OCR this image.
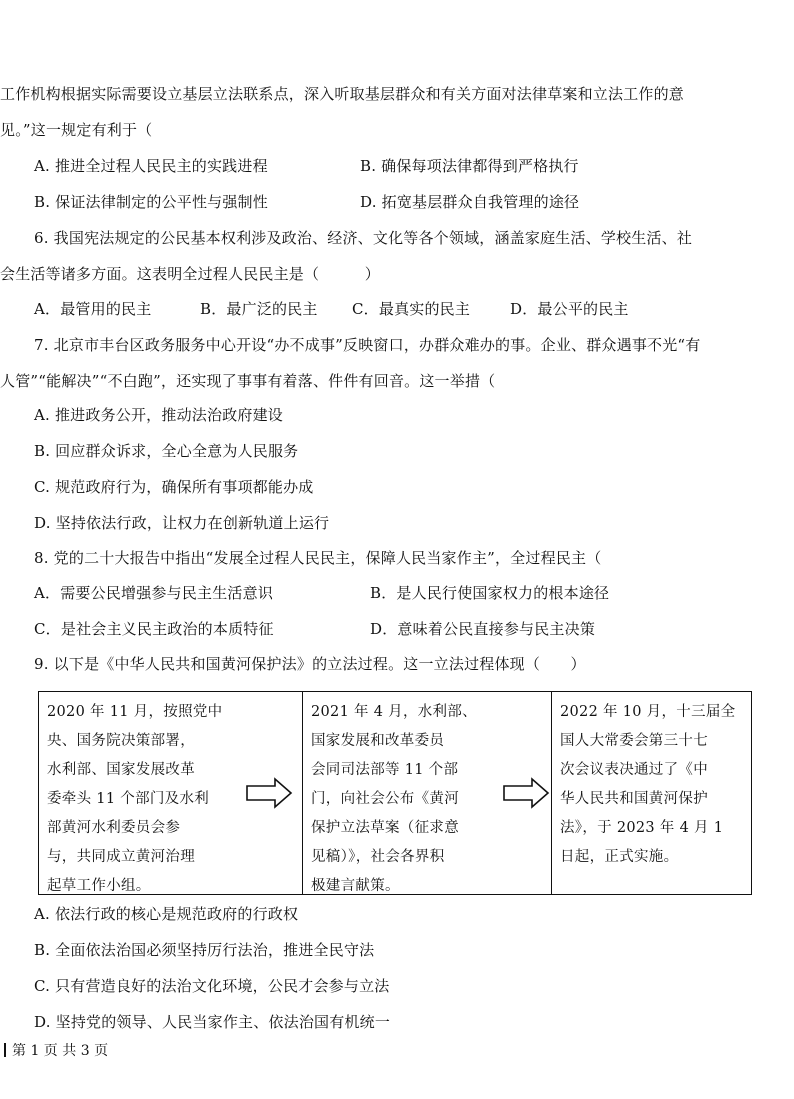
工作机构根据实际需要设立基层立法联系点，深入听取基层群众和有关方面对法律草案和立法工作的意
见。”这一规定有利于（
A. 推进全过程人民民主的实践进程	B. 确保每项法律都得到严格执行
B. 保证法律制定的公平性与强制性	D. 拓宽基层群众自我管理的途径
6. 我国宪法规定的公民基本权利涉及政治、经济、文化等各个领域，涵盖家庭生活、学校生活、社
会生活等诸多方面。这表明全过程人民民主是（　　　）
A．最管用的民主	B．最广泛的民主 C．最真实的民主	D．最公平的民主
7. 北京市丰台区政务服务中心开设“办不成事”反映窗口，办群众难办的事。企业、群众遇事不光“有
人管”“能解决”“不白跑”，还实现了事事有着落、件件有回音。这一举措（
A. 推进政务公开，推动法治政府建设
B. 回应群众诉求，全心全意为人民服务
C. 规范政府行为，确保所有事项都能办成
D. 坚持依法行政，让权力在创新轨道上运行
8. 党的二十大报告中指出“发展全过程人民民主，保障人民当家作主”，全过程民主（
A．需要公民增强参与民主生活意识	B．是人民行使国家权力的根本途径
C．是社会主义民主政治的本质特征	D．意味着公民直接参与民主决策
9. 以下是《中华人民共和国黄河保护法》的立法过程。这一立法过程体现（　　）
2020 年 11 月，按照党中
央、国务院决策部署，
水利部、国家发展改革
委牵头 11 个部门及水利
部黄河水利委员会参
与，共同成立黄河治理
起草工作小组。
2021 年 4 月，水利部、
国家发展和改革委员
会同司法部等 11 个部
门，向社会公布《黄河
保护立法草案（征求意
见稿）》，社会各界积
极建言献策。
2022 年 10 月，十三届全
国人大常委会第三十七
次会议表决通过了《中
华人民共和国黄河保护
法》，于 2023 年 4 月 1
日起，正式实施。
A. 依法行政的核心是规范政府的行政权
B. 全面依法治国必须坚持厉行法治，推进全民守法
C. 只有营造良好的法治文化环境，公民才会参与立法
D. 坚持党的领导、人民当家作主、依法治国有机统一
第 1 页 共 3 页
